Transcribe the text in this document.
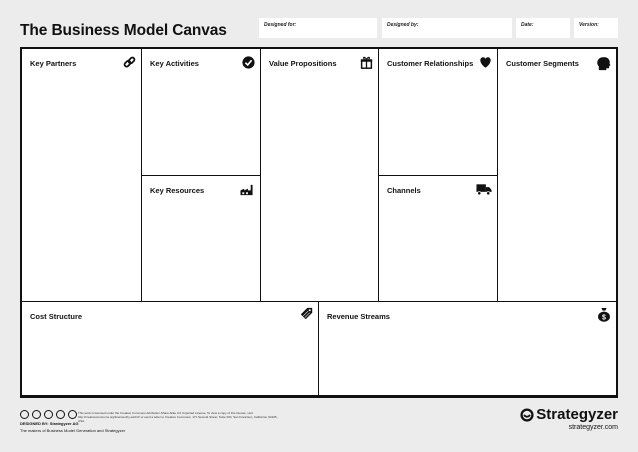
The Business Model Canvas	Designed for:	Designed by:	Date:	Version:
Key Partners	Key Activities
Key Resources
Value Propositions	Customer Relationships
Channels
Customer Segments
Cost Structure	Revenue Streams	$
This work is licensed under the Creative Commons Attribution-Share Alike 3.0 Unported License. To view a copy of this license, visit: http://creativecommons.org/licenses/by-sa/3.0/ or send a letter to Creative Commons, 171 Second Street, Suite 300, San Francisco, California, 94105, USA.
DESIGNED BY: Strategyzer AG
The makers of Business Model Generation and Strategyzer
Strategyzer
strategyzer.com
